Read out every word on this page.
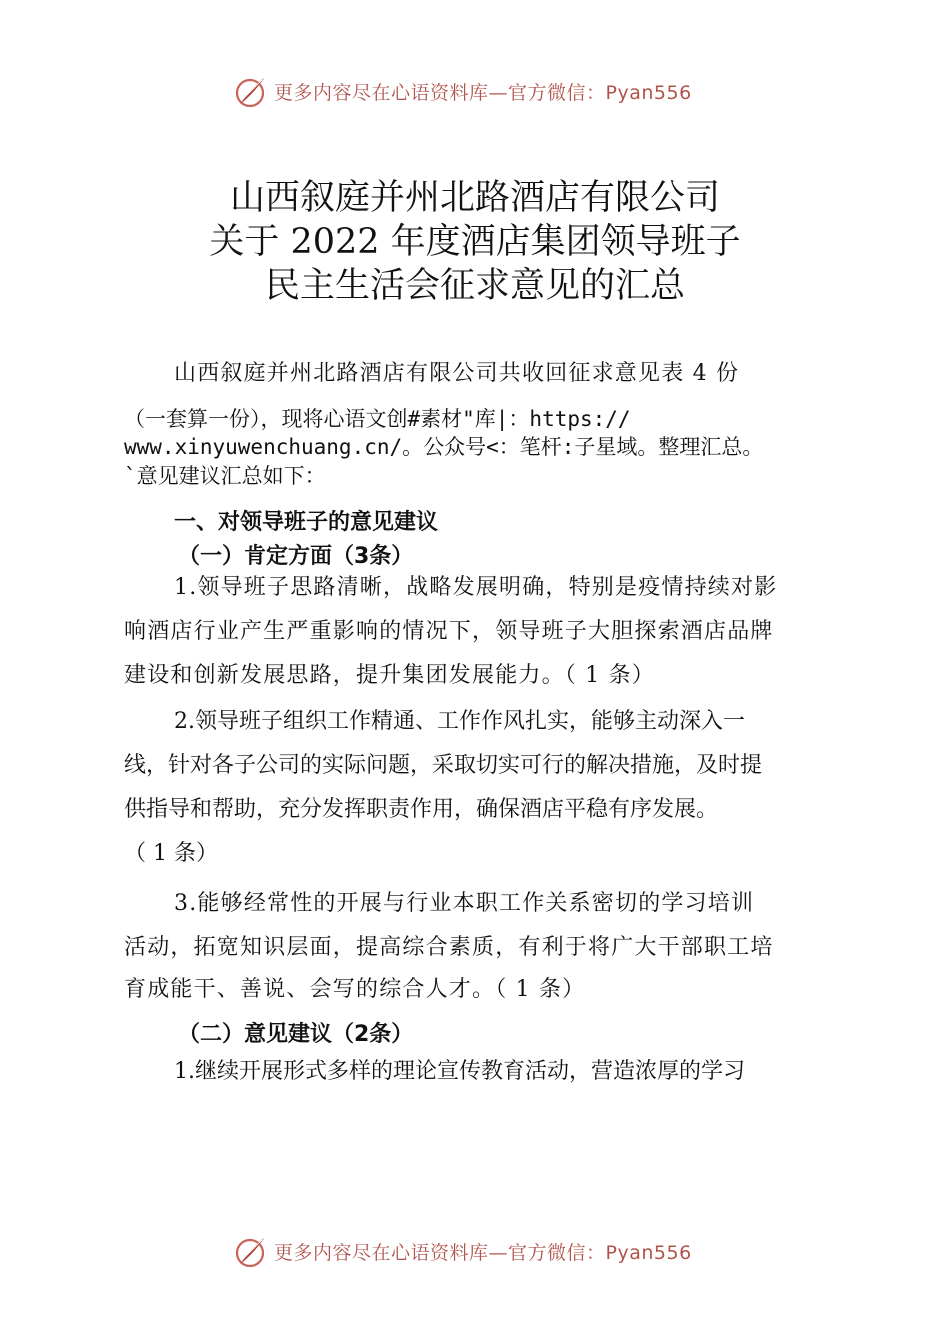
更多内容尽在心语资料库—官方微信：Pyan556
山西叙庭并州北路酒店有限公司
关于 2022 年度酒店集团领导班子
民主生活会征求意见的汇总
山西叙庭并州北路酒店有限公司共收回征求意见表 4 份
（一套算一份），现将心语文创#素材"库|：https://
www.xinyuwenchuang.cn/。公众号<：笔杆:子星域。整理汇总。
`意见建议汇总如下：
一、对领导班子的意见建议
（一）肯定方面（3条）
1.领导班子思路清晰，战略发展明确，特别是疫情持续对影
响酒店行业产生严重影响的情况下，领导班子大胆探索酒店品牌
建设和创新发展思路，提升集团发展能力。（ 1 条）
2.领导班子组织工作精通、工作作风扎实，能够主动深入一
线，针对各子公司的实际问题，采取切实可行的解决措施，及时提
供指导和帮助，充分发挥职责作用，确保酒店平稳有序发展。
（ 1 条）
3.能够经常性的开展与行业本职工作关系密切的学习培训
活动，拓宽知识层面，提高综合素质，有利于将广大干部职工培
育成能干、善说、会写的综合人才。（ 1 条）
（二）意见建议（2条）
1.继续开展形式多样的理论宣传教育活动，营造浓厚的学习
更多内容尽在心语资料库—官方微信：Pyan556
